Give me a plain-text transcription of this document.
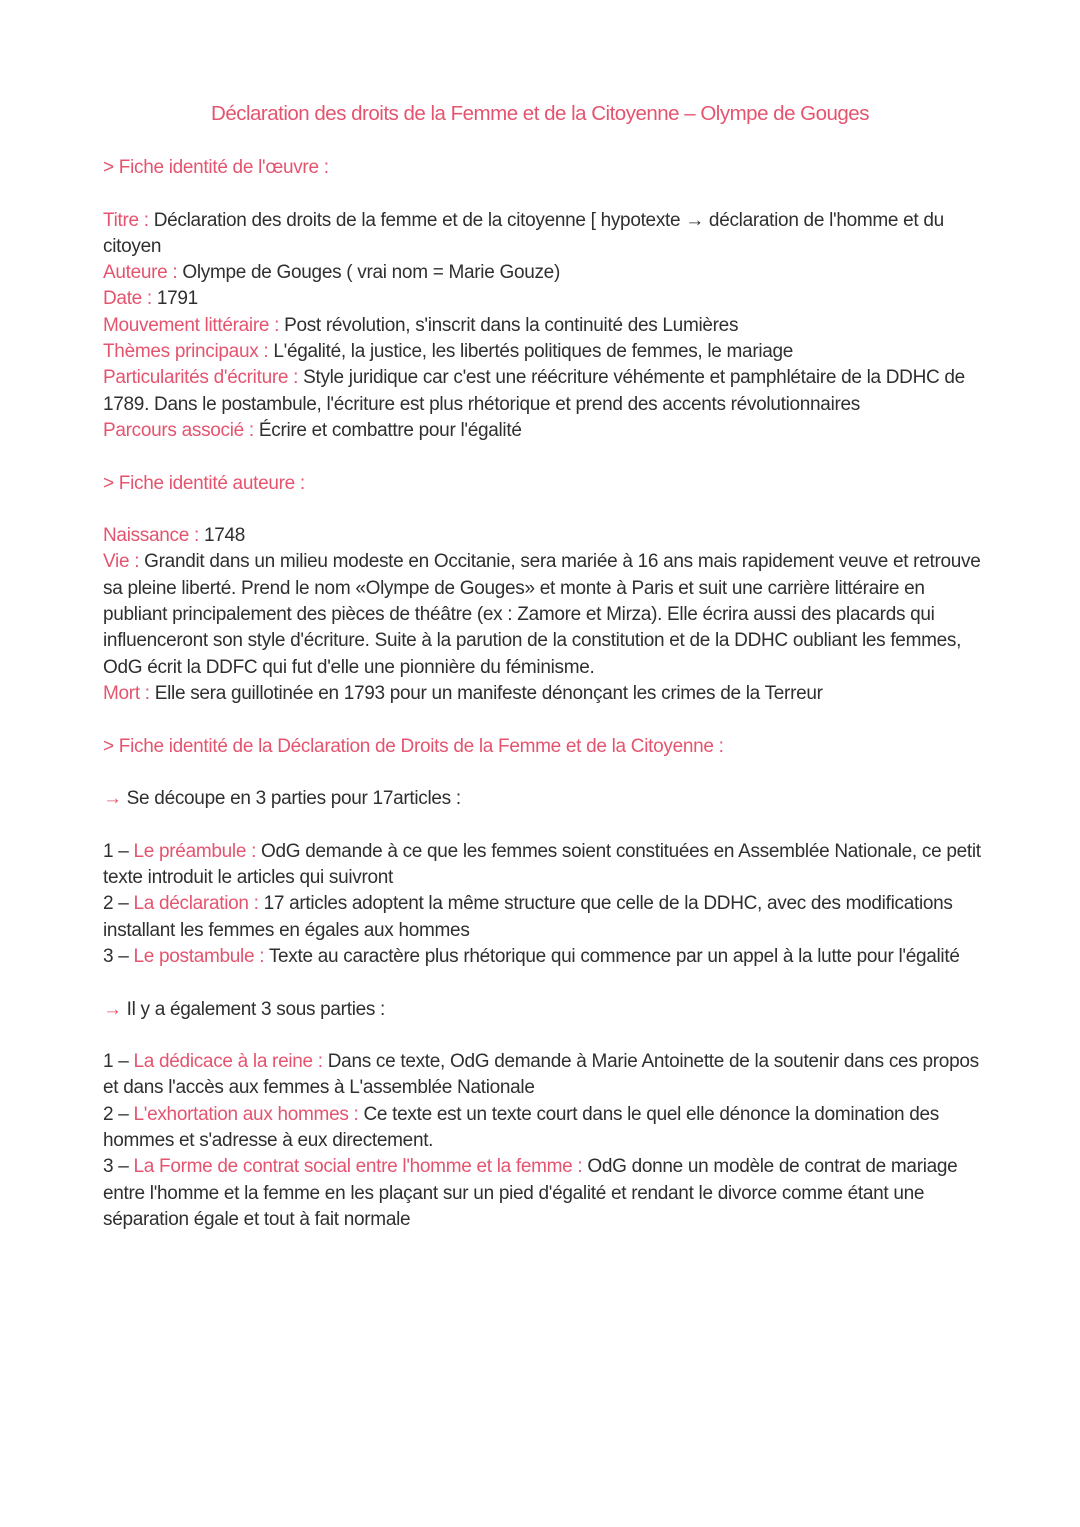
Déclaration des droits de la Femme et de la Citoyenne – Olympe de Gouges

> Fiche identité de l'œuvre :

Titre : Déclaration des droits de la femme et de la citoyenne [ hypotexte → déclaration de l'homme et du citoyen

Auteure : Olympe de Gouges ( vrai nom = Marie Gouze)

Date : 1791

Mouvement littéraire : Post révolution, s'inscrit dans la continuité des Lumières

Thèmes principaux : L'égalité, la justice, les libertés politiques de femmes, le mariage

Particularités d'écriture : Style juridique car c'est une réécriture véhémente et pamphlétaire de la DDHC de 1789. Dans le postambule, l'écriture est plus rhétorique et prend des accents révolutionnaires

Parcours associé : Écrire et combattre pour l'égalité

> Fiche identité auteure :

Naissance : 1748

Vie : Grandit dans un milieu modeste en Occitanie, sera mariée à 16 ans mais rapidement veuve et retrouve sa pleine liberté. Prend le nom «Olympe de Gouges» et monte à Paris et suit une carrière littéraire en publiant principalement des pièces de théâtre (ex : Zamore et Mirza). Elle écrira aussi des placards qui influenceront son style d'écriture. Suite à la parution de la constitution et de la DDHC oubliant les femmes, OdG écrit la DDFC qui fut d'elle une pionnière du féminisme.

Mort : Elle sera guillotinée en 1793 pour un manifeste dénonçant les crimes de la Terreur

> Fiche identité de la Déclaration de Droits de la Femme et de la Citoyenne :

→ Se découpe en 3 parties pour 17articles :

1 – Le préambule : OdG demande à ce que les femmes soient constituées en Assemblée Nationale, ce petit texte introduit le articles qui suivront

2 – La déclaration : 17 articles adoptent la même structure que celle de la DDHC, avec des modifications installant les femmes en égales aux hommes

3 – Le postambule : Texte au caractère plus rhétorique qui commence par un appel à la lutte pour l'égalité

→ Il y a également 3 sous parties :

1 – La dédicace à la reine : Dans ce texte, OdG demande à Marie Antoinette de la soutenir dans ces propos et dans l'accès aux femmes à L'assemblée Nationale

2 – L'exhortation aux hommes : Ce texte est un texte court dans le quel elle dénonce la domination des hommes et s'adresse à eux directement.

3 – La Forme de contrat social entre l'homme et la femme : OdG donne un modèle de contrat de mariage entre l'homme et la femme en les plaçant sur un pied d'égalité et rendant le divorce comme étant une séparation égale et tout à fait normale
